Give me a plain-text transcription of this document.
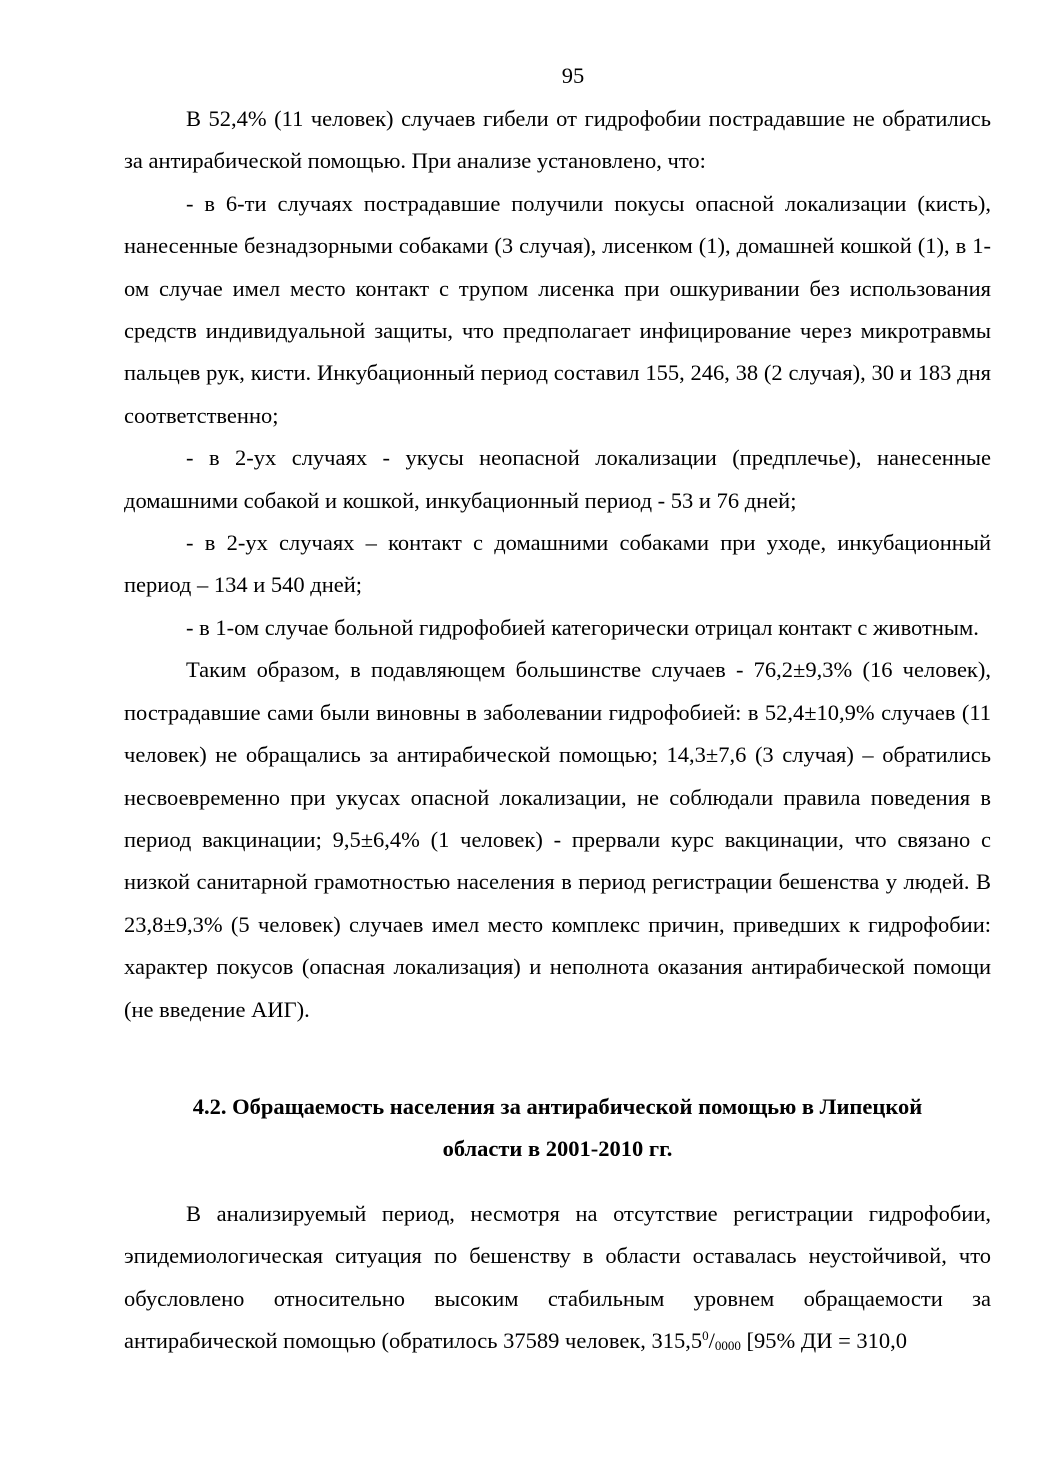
95

В 52,4% (11 человек) случаев гибели от гидрофобии пострадавшие не обратились за антирабической помощью. При анализе установлено, что:

- в 6-ти случаях пострадавшие получили покусы опасной локализации (кисть), нанесенные безнадзорными собаками (3 случая), лисенком (1), домашней кошкой (1), в 1-ом случае имел место контакт с трупом лисенка при ошкуривании без использования средств индивидуальной защиты, что предполагает инфицирование через микротравмы пальцев рук, кисти. Инкубационный период составил 155, 246, 38 (2 случая), 30 и 183 дня соответственно;

- в 2-ух случаях - укусы неопасной локализации (предплечье), нанесенные домашними собакой и кошкой, инкубационный период - 53 и 76 дней;

- в 2-ух случаях – контакт с домашними собаками при уходе, инкубационный период – 134 и 540 дней;

- в 1-ом случае больной гидрофобией категорически отрицал контакт с животным.

Таким образом, в подавляющем большинстве случаев - 76,2±9,3% (16 человек), пострадавшие сами были виновны в заболевании гидрофобией: в 52,4±10,9% случаев (11 человек) не обращались за антирабической помощью; 14,3±7,6 (3 случая) – обратились несвоевременно при укусах опасной локализации, не соблюдали правила поведения в период вакцинации; 9,5±6,4% (1 человек) - прервали курс вакцинации, что связано с низкой санитарной грамотностью населения в период регистрации бешенства у людей. В 23,8±9,3% (5 человек) случаев имел место комплекс причин, приведших к гидрофобии: характер покусов (опасная локализация) и неполнота оказания антирабической помощи (не введение АИГ).

4.2. Обращаемость населения за антирабической помощью в Липецкой
области в 2001-2010 гг.

В анализируемый период, несмотря на отсутствие регистрации гидрофобии, эпидемиологическая ситуация по бешенству в области оставалась неустойчивой, что обусловлено относительно высоким стабильным уровнем обращаемости за антирабической помощью (обратилось 37589 человек, $315,5^0/_{0000}$ [95% ДИ = 310,0
